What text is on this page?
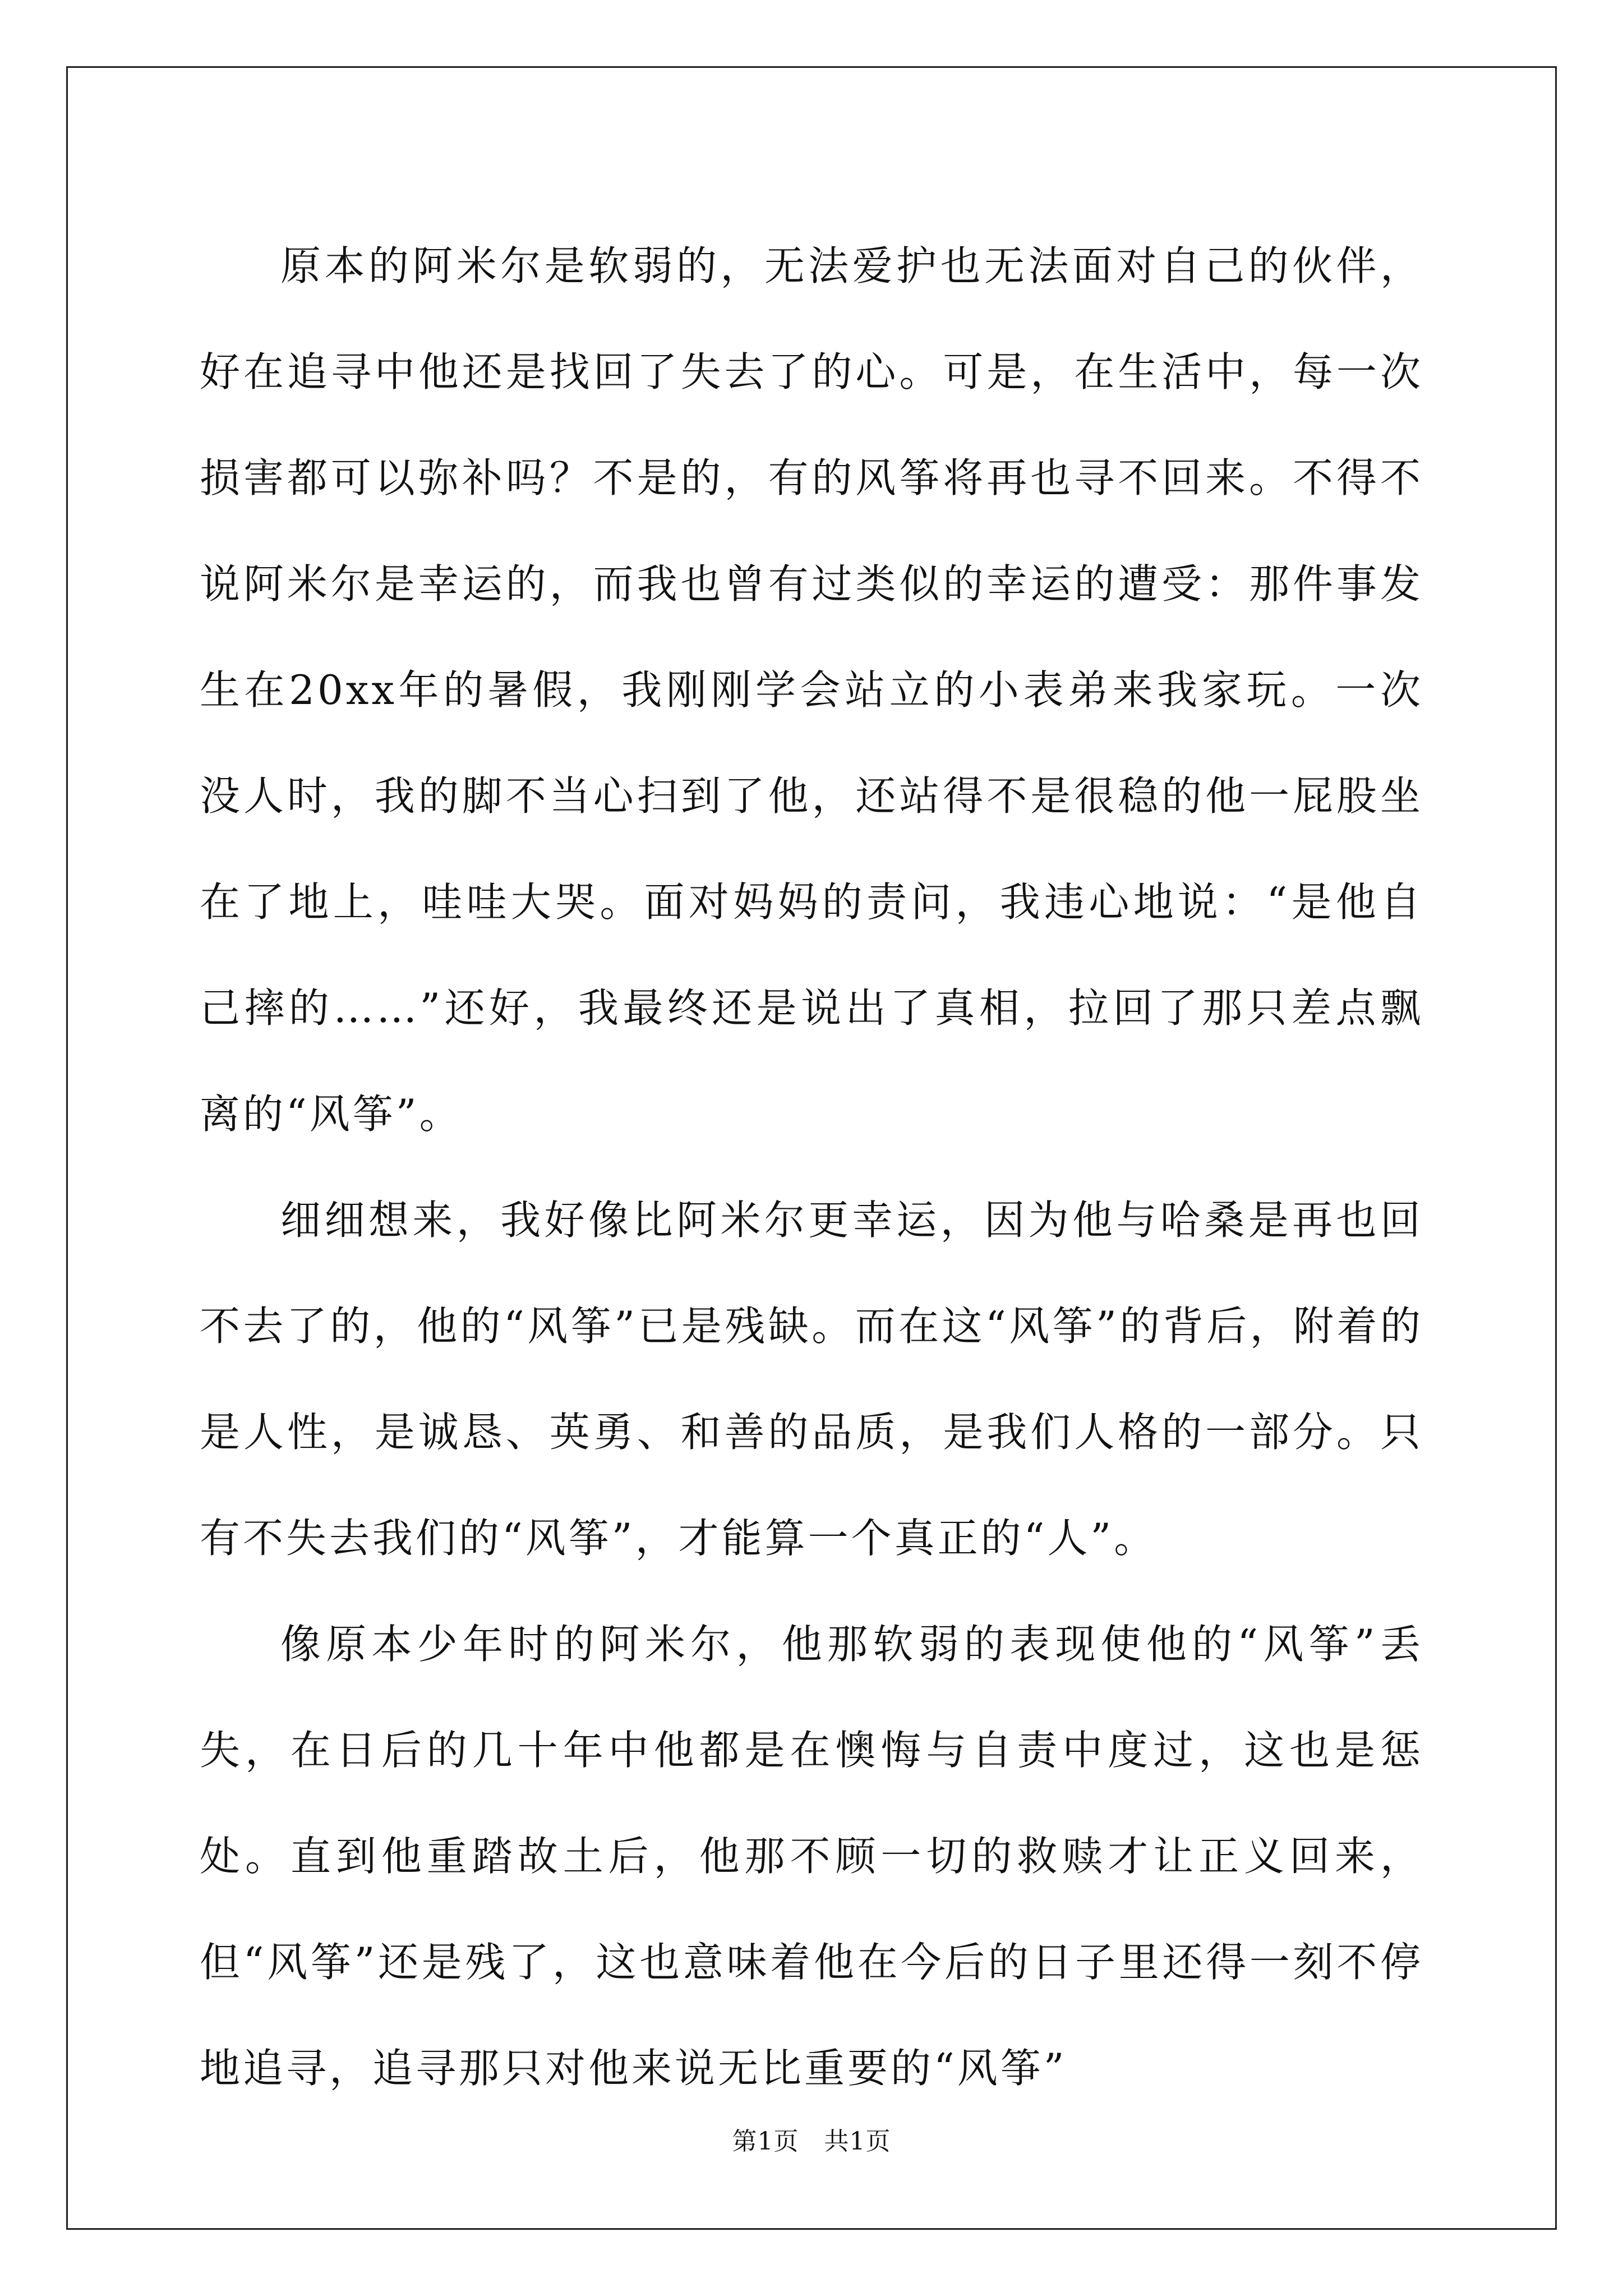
原本的阿米尔是软弱的，无法爱护也无法面对自己的伙伴，好在追寻中他还是找回了失去了的心。可是，在生活中，每一次损害都可以弥补吗？不是的，有的风筝将再也寻不回来。不得不说阿米尔是幸运的，而我也曾有过类似的幸运的遭受：那件事发生在20xx年的暑假，我刚刚学会站立的小表弟来我家玩。一次没人时，我的脚不当心扫到了他，还站得不是很稳的他一屁股坐在了地上，哇哇大哭。面对妈妈的责问，我违心地说：“是他自己摔的……”还好，我最终还是说出了真相，拉回了那只差点飘离的“风筝”。

细细想来，我好像比阿米尔更幸运，因为他与哈桑是再也回不去了的，他的“风筝”已是残缺。而在这“风筝”的背后，附着的是人性，是诚恳、英勇、和善的品质，是我们人格的一部分。只有不失去我们的“风筝”，才能算一个真正的“人”。

像原本少年时的阿米尔，他那软弱的表现使他的“风筝”丢失，在日后的几十年中他都是在懊悔与自责中度过，这也是惩处。直到他重踏故土后，他那不顾一切的救赎才让正义回来，但“风筝”还是残了，这也意味着他在今后的日子里还得一刻不停地追寻，追寻那只对他来说无比重要的“风筝”

第1页   共1页
